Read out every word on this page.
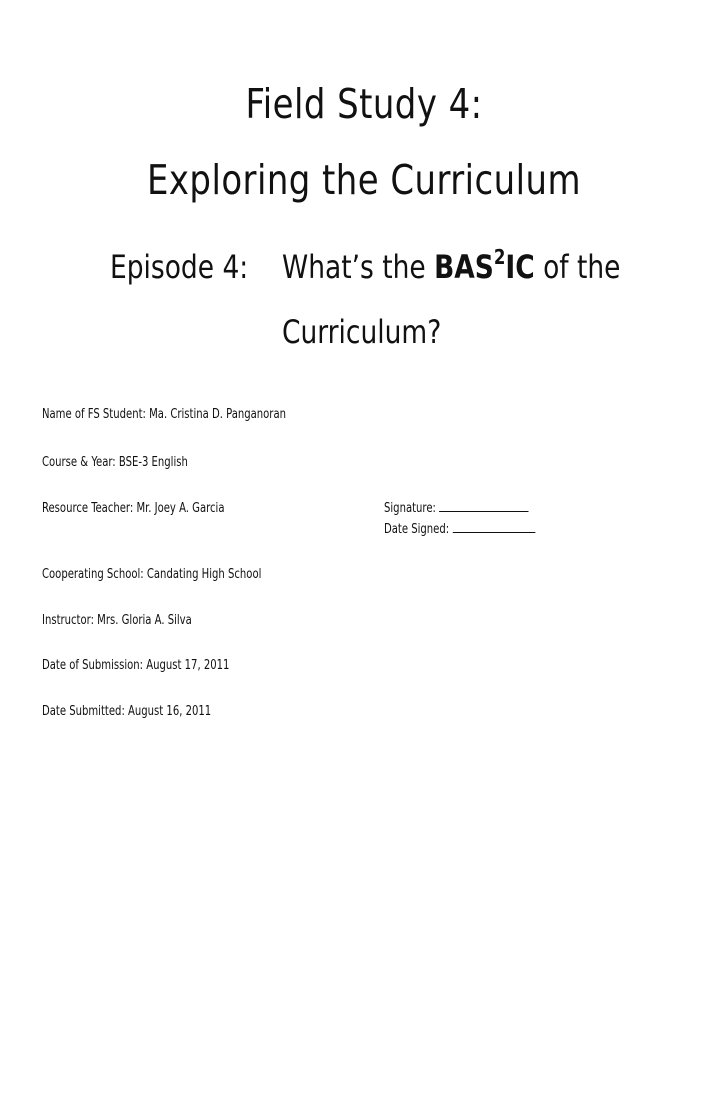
Field Study 4:
Exploring the Curriculum
Episode 4: What’s the BAS$^2$IC of the
Curriculum?
Name of FS Student: Ma. Cristina D. Panganoran
Course & Year: BSE-3 English
Resource Teacher: Mr. Joey A. Garcia	Signature:
Date Signed:
Cooperating School: Candating High School
Instructor: Mrs. Gloria A. Silva
Date of Submission: August 17, 2011
Date Submitted: August 16, 2011
